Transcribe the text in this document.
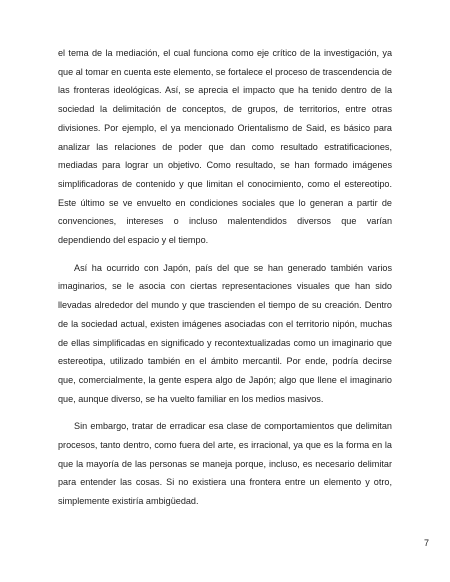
el tema de la mediación, el cual funciona como eje crítico de la investigación, ya que al tomar en cuenta este elemento, se fortalece el proceso de trascendencia de las fronteras ideológicas. Así, se aprecia el impacto que ha tenido dentro de la sociedad la delimitación de conceptos, de grupos, de territorios, entre otras divisiones. Por ejemplo, el ya mencionado Orientalismo de Said, es básico para analizar las relaciones de poder que dan como resultado estratificaciones, mediadas para lograr un objetivo. Como resultado, se han formado imágenes simplificadoras de contenido y que limitan el conocimiento, como el estereotipo. Este último se ve envuelto en condiciones sociales que lo generan a partir de convenciones, intereses o incluso malentendidos diversos que varían dependiendo del espacio y el tiempo.

Así ha ocurrido con Japón, país del que se han generado también varios imaginarios, se le asocia con ciertas representaciones visuales que han sido llevadas alrededor del mundo y que trascienden el tiempo de su creación. Dentro de la sociedad actual, existen imágenes asociadas con el territorio nipón, muchas de ellas simplificadas en significado y recontextualizadas como un imaginario que estereotipa, utilizado también en el ámbito mercantil. Por ende, podría decirse que, comercialmente, la gente espera algo de Japón; algo que llene el imaginario que, aunque diverso, se ha vuelto familiar en los medios masivos.

Sin embargo, tratar de erradicar esa clase de comportamientos que delimitan procesos, tanto dentro, como fuera del arte, es irracional, ya que es la forma en la que la mayoría de las personas se maneja porque, incluso, es necesario delimitar para entender las cosas. Si no existiera una frontera entre un elemento y otro, simplemente existiría ambigüedad.

7
